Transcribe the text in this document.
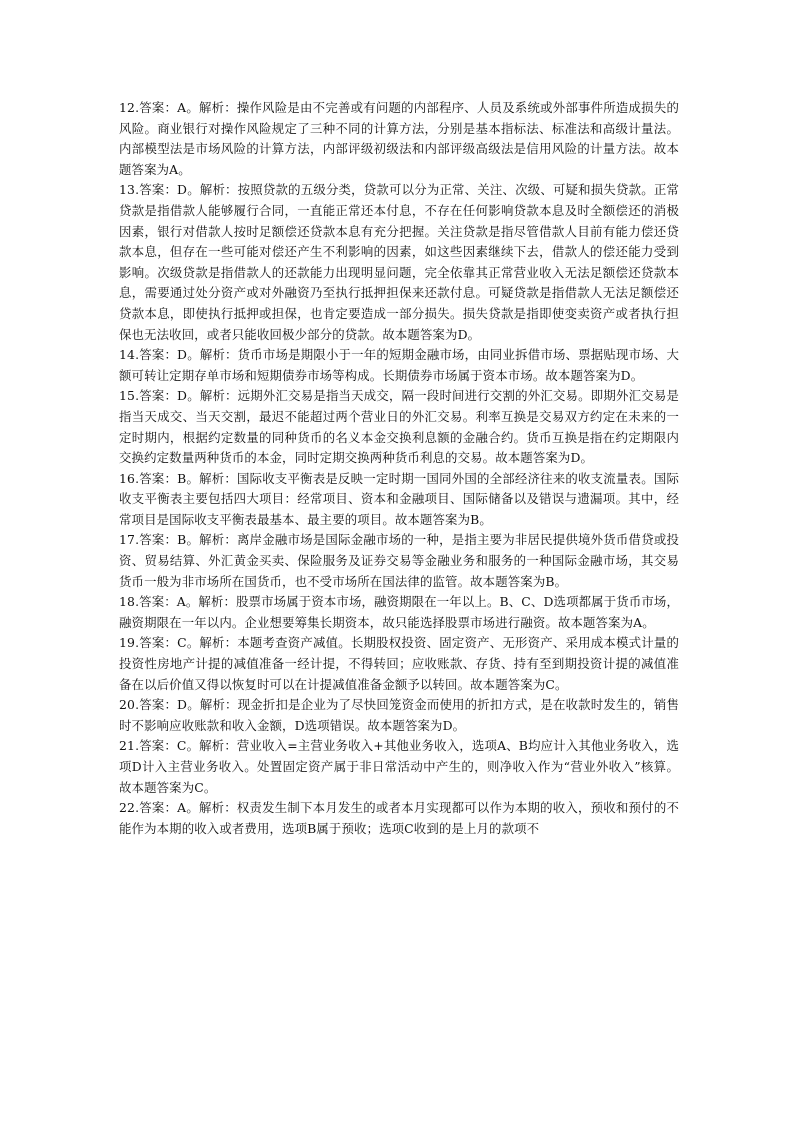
12.答案：A。解析：操作风险是由不完善或有问题的内部程序、人员及系统或外部事件所造成损失的风险。商业银行对操作风险规定了三种不同的计算方法，分别是基本指标法、标准法和高级计量法。内部模型法是市场风险的计算方法，内部评级初级法和内部评级高级法是信用风险的计量方法。故本题答案为A。

13.答案：D。解析：按照贷款的五级分类，贷款可以分为正常、关注、次级、可疑和损失贷款。正常贷款是指借款人能够履行合同，一直能正常还本付息，不存在任何影响贷款本息及时全额偿还的消极因素，银行对借款人按时足额偿还贷款本息有充分把握。关注贷款是指尽管借款人目前有能力偿还贷款本息，但存在一些可能对偿还产生不利影响的因素，如这些因素继续下去，借款人的偿还能力受到影响。次级贷款是指借款人的还款能力出现明显问题，完全依靠其正常营业收入无法足额偿还贷款本息，需要通过处分资产或对外融资乃至执行抵押担保来还款付息。可疑贷款是指借款人无法足额偿还贷款本息，即使执行抵押或担保，也肯定要造成一部分损失。损失贷款是指即使变卖资产或者执行担保也无法收回，或者只能收回极少部分的贷款。故本题答案为D。

14.答案：D。解析：货币市场是期限小于一年的短期金融市场，由同业拆借市场、票据贴现市场、大额可转让定期存单市场和短期债券市场等构成。长期债券市场属于资本市场。故本题答案为D。

15.答案：D。解析：远期外汇交易是指当天成交，隔一段时间进行交割的外汇交易。即期外汇交易是指当天成交、当天交割，最迟不能超过两个营业日的外汇交易。利率互换是交易双方约定在未来的一定时期内，根据约定数量的同种货币的名义本金交换利息额的金融合约。货币互换是指在约定期限内交换约定数量两种货币的本金，同时定期交换两种货币利息的交易。故本题答案为D。

16.答案：B。解析：国际收支平衡表是反映一定时期一国同外国的全部经济往来的收支流量表。国际收支平衡表主要包括四大项目：经常项目、资本和金融项目、国际储备以及错误与遗漏项。其中，经常项目是国际收支平衡表最基本、最主要的项目。故本题答案为B。

17.答案：B。解析：离岸金融市场是国际金融市场的一种，是指主要为非居民提供境外货币借贷或投资、贸易结算、外汇黄金买卖、保险服务及证券交易等金融业务和服务的一种国际金融市场，其交易货币一般为非市场所在国货币，也不受市场所在国法律的监管。故本题答案为B。

18.答案：A。解析：股票市场属于资本市场，融资期限在一年以上。B、C、D选项都属于货币市场，融资期限在一年以内。企业想要筹集长期资本，故只能选择股票市场进行融资。故本题答案为A。

19.答案：C。解析：本题考查资产减值。长期股权投资、固定资产、无形资产、采用成本模式计量的投资性房地产计提的减值准备一经计提，不得转回；应收账款、存货、持有至到期投资计提的减值准备在以后价值又得以恢复时可以在计提减值准备金额予以转回。故本题答案为C。

20.答案：D。解析：现金折扣是企业为了尽快回笼资金而使用的折扣方式，是在收款时发生的，销售时不影响应收账款和收入金额，D选项错误。故本题答案为D。

21.答案：C。解析：营业收入=主营业务收入+其他业务收入，选项A、B均应计入其他业务收入，选项D计入主营业务收入。处置固定资产属于非日常活动中产生的，则净收入作为“营业外收入”核算。故本题答案为C。

22.答案：A。解析：权责发生制下本月发生的或者本月实现都可以作为本期的收入，预收和预付的不能作为本期的收入或者费用，选项B属于预收；选项C收到的是上月的款项不
